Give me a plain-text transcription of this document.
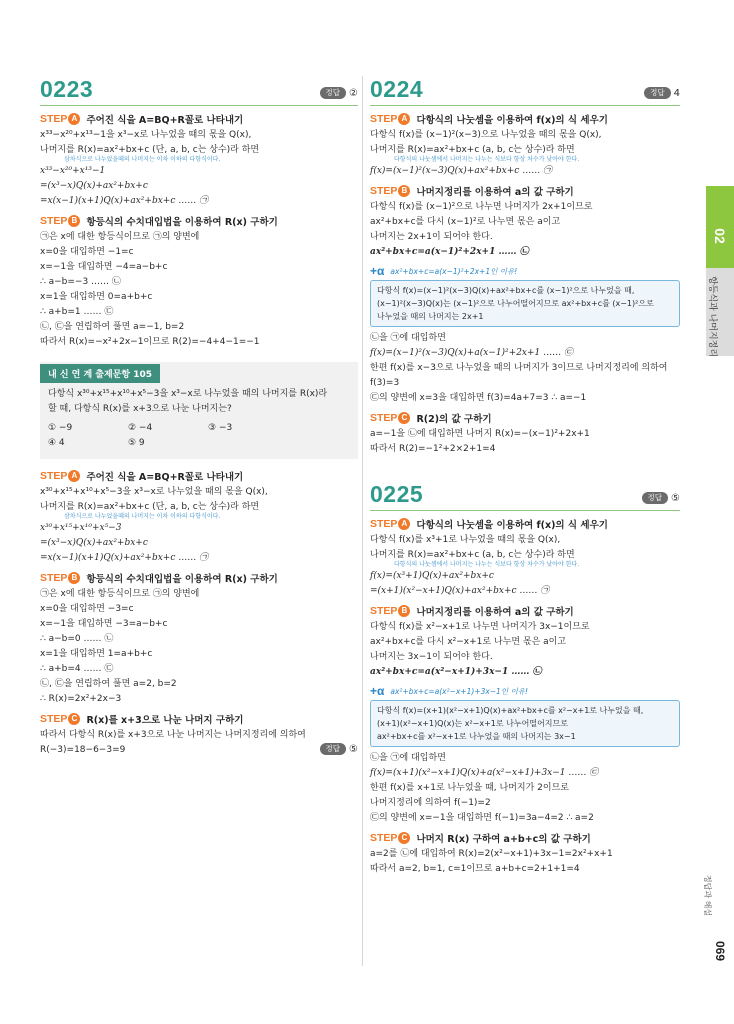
0223	정답 ②
STEP A 주어진 식을 A=BQ+R꼴로 나타내기
x³³−x²⁰+x¹³−1을 x³−x로 나누었을 때의 몫을 Q(x),
나머지를 R(x)=ax²+bx+c (단, a, b, c는 상수)라 하면
삼차식으로 나누었을때의 나머지는 이차 이하의 다항식이다.
x³³−x²⁰+x¹³−1
=(x³−x)Q(x)+ax²+bx+c
=x(x−1)(x+1)Q(x)+ax²+bx+c …… ㉠
STEP B 항등식의 수치대입법을 이용하여 R(x) 구하기
㉠은 x에 대한 항등식이므로 ㉠의 양변에
x=0을 대입하면 −1=c
x=−1을 대입하면 −4=a−b+c
∴ a−b=−3 …… ㉡
x=1을 대입하면 0=a+b+c
∴ a+b=1 …… ㉢
㉡, ㉢을 연립하여 풀면 a=−1, b=2
따라서 R(x)=−x²+2x−1이므로 R(2)=−4+4−1=−1
내 신 연 계 출제문항 105
다항식 x³⁰+x¹⁵+x¹⁰+x⁵−3을 x³−x로 나누었을 때의 나머지를 R(x)라
할 때, 다항식 R(x)를 x+3으로 나눈 나머지는?
① −9	② −4	③ −3
④ 4	⑤ 9
STEP A 주어진 식을 A=BQ+R꼴로 나타내기
x³⁰+x¹⁵+x¹⁰+x⁵−3을 x³−x로 나누었을 때의 몫을 Q(x),
나머지를 R(x)=ax²+bx+c (단, a, b, c는 상수)라 하면
삼차식으로 나누었을때의 나머지는 이차 이하의 다항식이다.
x³⁰+x¹⁵+x¹⁰+x⁵−3
=(x³−x)Q(x)+ax²+bx+c
=x(x−1)(x+1)Q(x)+ax²+bx+c …… ㉠
STEP B 항등식의 수치대입법을 이용하여 R(x) 구하기
㉠은 x에 대한 항등식이므로 ㉠의 양변에
x=0을 대입하면 −3=c
x=−1을 대입하면 −3=a−b+c
∴ a−b=0 …… ㉡
x=1을 대입하면 1=a+b+c
∴ a+b=4 …… ㉢
㉡, ㉢을 연립하여 풀면 a=2, b=2
∴ R(x)=2x²+2x−3
STEP C R(x)를 x+3으로 나눈 나머지 구하기
따라서 다항식 R(x)를 x+3으로 나눈 나머지는 나머지정리에 의하여
R(−3)=18−6−3=9	정답 ⑤
0224	정답 4
STEP A 다항식의 나눗셈을 이용하여 f(x)의 식 세우기
다항식 f(x)를 (x−1)²(x−3)으로 나누었을 때의 몫을 Q(x),
나머지를 R(x)=ax²+bx+c (a, b, c는 상수)라 하면
다항식의 나눗셈에서 나머지는 나누는 식보다 항상 차수가 낮아야 한다.
f(x)=(x−1)²(x−3)Q(x)+ax²+bx+c …… ㉠
STEP B 나머지정리를 이용하여 a의 값 구하기
다항식 f(x)를 (x−1)²으로 나누면 나머지가 2x+1이므로
ax²+bx+c를 다시 (x−1)²로 나누면 몫은 a이고
나머지는 2x+1이 되어야 한다.
ax²+bx+c=a(x−1)²+2x+1 …… ㉡
+α ax²+bx+c=a(x−1)²+2x+1인 이유!
다항식 f(x)=(x−1)²(x−3)Q(x)+ax²+bx+c를 (x−1)²으로 나누었을 때,
(x−1)²(x−3)Q(x)는 (x−1)²으로 나누어떨어지므로 ax²+bx+c를 (x−1)²으로
나누었을 때의 나머지는 2x+1
㉡을 ㉠에 대입하면
f(x)=(x−1)²(x−3)Q(x)+a(x−1)²+2x+1 …… ㉢
한편 f(x)를 x−3으로 나누었을 때의 나머지가 3이므로 나머지정리에 의하여
f(3)=3
㉢의 양변에 x=3을 대입하면 f(3)=4a+7=3 ∴ a=−1
STEP C R(2)의 값 구하기
a=−1을 ㉡에 대입하면 나머지 R(x)=−(x−1)²+2x+1
따라서 R(2)=−1²+2×2+1=4
0225	정답 ⑤
STEP A 다항식의 나눗셈을 이용하여 f(x)의 식 세우기
다항식 f(x)를 x³+1로 나누었을 때의 몫을 Q(x),
나머지를 R(x)=ax²+bx+c (a, b, c는 상수)라 하면
다항식의 나눗셈에서 나머지는 나누는 식보다 항상 차수가 낮아야 한다.
f(x)=(x³+1)Q(x)+ax²+bx+c
=(x+1)(x²−x+1)Q(x)+ax²+bx+c …… ㉠
STEP B 나머지정리를 이용하여 a의 값 구하기
다항식 f(x)를 x²−x+1로 나누면 나머지가 3x−1이므로
ax²+bx+c를 다시 x²−x+1로 나누면 몫은 a이고
나머지는 3x−1이 되어야 한다.
ax²+bx+c=a(x²−x+1)+3x−1 …… ㉡
+α ax²+bx+c=a(x²−x+1)+3x−1인 이유!
다항식 f(x)=(x+1)(x²−x+1)Q(x)+ax²+bx+c를 x²−x+1로 나누었을 때,
(x+1)(x²−x+1)Q(x)는 x²−x+1로 나누어떨어지므로
ax²+bx+c를 x²−x+1로 나누었을 때의 나머지는 3x−1
㉡을 ㉠에 대입하면
f(x)=(x+1)(x²−x+1)Q(x)+a(x²−x+1)+3x−1 …… ㉢
한편 f(x)를 x+1로 나누었을 때, 나머지가 2이므로
나머지정리에 의하여 f(−1)=2
㉢의 양변에 x=−1을 대입하면 f(−1)=3a−4=2 ∴ a=2
STEP C 나머지 R(x) 구하여 a+b+c의 값 구하기
a=2를 ㉡에 대입하여 R(x)=2(x²−x+1)+3x−1=2x²+x+1
따라서 a=2, b=1, c=1이므로 a+b+c=2+1+1=4
02
항등식과 나머지정리
정답과 해설
069
